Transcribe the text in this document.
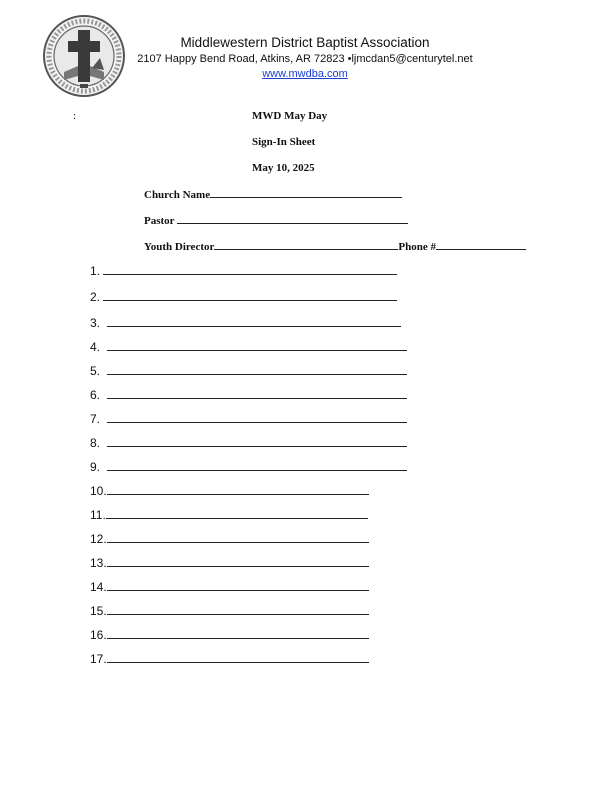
Middlewestern District Baptist Association
2107 Happy Bend Road, Atkins, AR 72823 •ljmcdan5@centurytel.net
www.mwdba.com
:	MWD May Day
Sign-In Sheet
May 10, 2025
Church Name
Pastor
Youth Director	Phone #
1.
2.
3.
4.
5.
6.
7.
8.
9.
10.
11.
12.
13.
14.
15.
16.
17.
